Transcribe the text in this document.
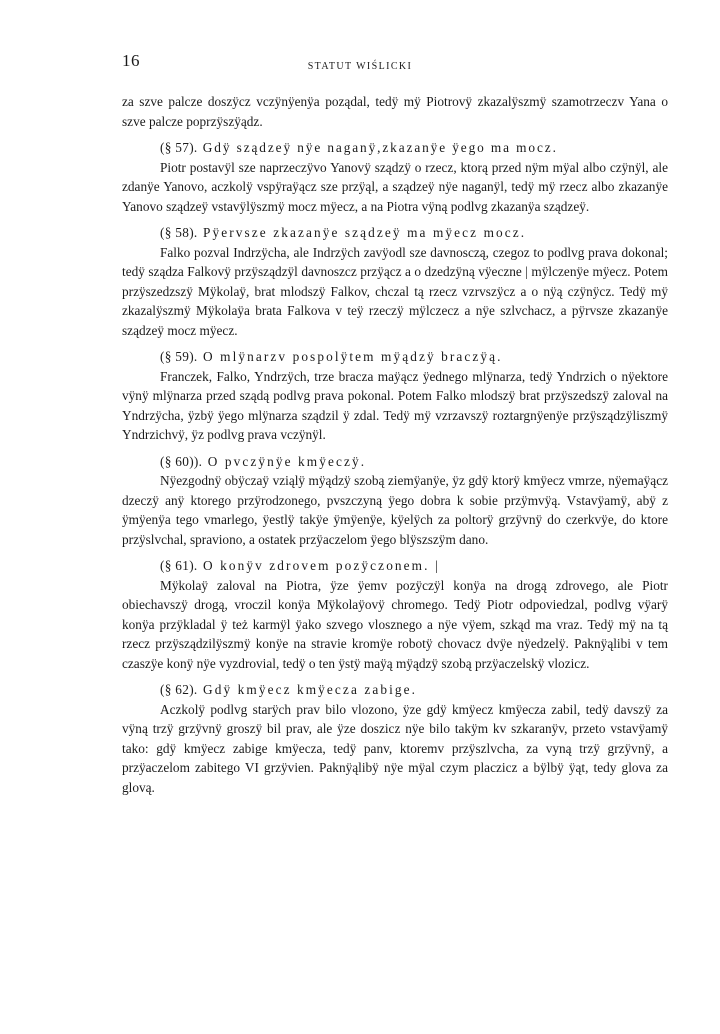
16	STATUT WIŚLICKI

za szve palcze doszÿcz vczÿnÿenÿa poządal, tedÿ mÿ Piotrovÿ zkazalÿszmÿ szamotrzeczv Yana o szve palcze poprzÿszÿądz.

(§ 57). Gdÿ sządzeÿ nÿe naganÿ,zkazanÿe ÿego ma mocz.

Piotr postavÿl sze naprzeczÿvo Yanovÿ sządzÿ o rzecz, ktorą przed nÿm mÿal albo czÿnÿl, ale zdanÿe Yanovo, aczkolÿ vspÿraÿącz sze przÿąl, a sządzeÿ nÿe naganÿl, tedÿ mÿ rzecz albo zkazanÿe Yanovo sządzeÿ vstavÿlÿszmÿ mocz mÿecz, a na Piotra vÿną podlvg zkazanÿa sządzeÿ.

(§ 58). Pÿervsze zkazanÿe sządzeÿ ma mÿecz mocz.

Falko pozval Indrzÿcha, ale Indrzÿch zavÿodl sze davnosczą, czegoz to podlvg prava dokonal; tedÿ sządza Falkovÿ przÿsządzÿl davnoszcz przÿącz a o dzedzÿną vÿeczne | mÿlczenÿe mÿecz. Potem przÿszedzszÿ Mÿkolaÿ, brat mlodszÿ Falkov, chczal tą rzecz vzrvszÿcz a o nÿą czÿnÿcz. Tedÿ mÿ zkazalÿszmÿ Mÿkolaÿa brata Falkova v teÿ rzeczÿ mÿlczecz a nÿe szlvchacz, a pÿrvsze zkazanÿe sządzeÿ mocz mÿecz.

(§ 59). O mlÿnarzv pospolÿtem mÿądzÿ braczÿą.

Franczek, Falko, Yndrzÿch, trze bracza maÿącz ÿednego mlÿnarza, tedÿ Yndrzich o nÿektore vÿnÿ mlÿnarza przed sządą podlvg prava pokonal. Potem Falko mlodszÿ brat przÿszedszÿ zaloval na Yndrzÿcha, ÿzbÿ ÿego mlÿnarza sządzil ÿ zdal. Tedÿ mÿ vzrzavszÿ roztargnÿenÿe przÿsządzÿliszmÿ Yndrzichvÿ, ÿz podlvg prava vczÿnÿl.

(§ 60)). O pvczÿnÿe kmÿeczÿ.

Nÿezgodnÿ obÿczaÿ vziąlÿ mÿądzÿ szobą ziemÿanÿe, ÿz gdÿ ktorÿ kmÿecz vmrze, nÿemaÿącz dzeczÿ anÿ ktorego przÿrodzonego, pvszczyną ÿego dobra k sobie przÿmvÿą. Vstavÿamÿ, abÿ z ÿmÿenÿa tego vmarlego, ÿestlÿ takÿe ÿmÿenÿe, kÿelÿch za poltorÿ grzÿvnÿ do czerkvÿe, do ktore przÿslvchal, spraviono, a ostatek przÿaczelom ÿego blÿszszÿm dano.

(§ 61). O konÿv zdrovem pozÿczonem. |

Mÿkolaÿ zaloval na Piotra, ÿze ÿemv pozÿczÿl konÿa na drogą zdrovego, ale Piotr obiechavszÿ drogą, vroczil konÿa Mÿkolaÿovÿ chromego. Tedÿ Piotr odpoviedzal, podlvg vÿarÿ konÿa przÿkladal ÿ też karmÿl ÿako szvego vlosznego a nÿe vÿem, szkąd ma vraz. Tedÿ mÿ na tą rzecz przÿsządzilÿszmÿ konÿe na stravie kromÿe robotÿ chovacz dvÿe nÿedzelÿ. Paknÿąlibi v tem czaszÿe konÿ nÿe vyzdrovial, tedÿ o ten ÿstÿ maÿą mÿądzÿ szobą przÿaczelskÿ vlozicz.

(§ 62). Gdÿ kmÿecz kmÿecza zabige.

Aczkolÿ podlvg starÿch prav bilo vlozono, ÿze gdÿ kmÿecz kmÿecza zabil, tedÿ davszÿ za vÿną trzÿ grzÿvnÿ groszÿ bil prav, ale ÿze doszicz nÿe bilo takÿm kv szkaranÿv, przeto vstavÿamÿ tako: gdÿ kmÿecz zabige kmÿecza, tedÿ panv, ktoremv przÿszlvcha, za vyną trzÿ grzÿvnÿ, a przÿaczelom zabitego VI grzÿvien. Paknÿąlibÿ nÿe mÿal czym placzicz a bÿlbÿ ÿąt, tedy glova za glovą.
